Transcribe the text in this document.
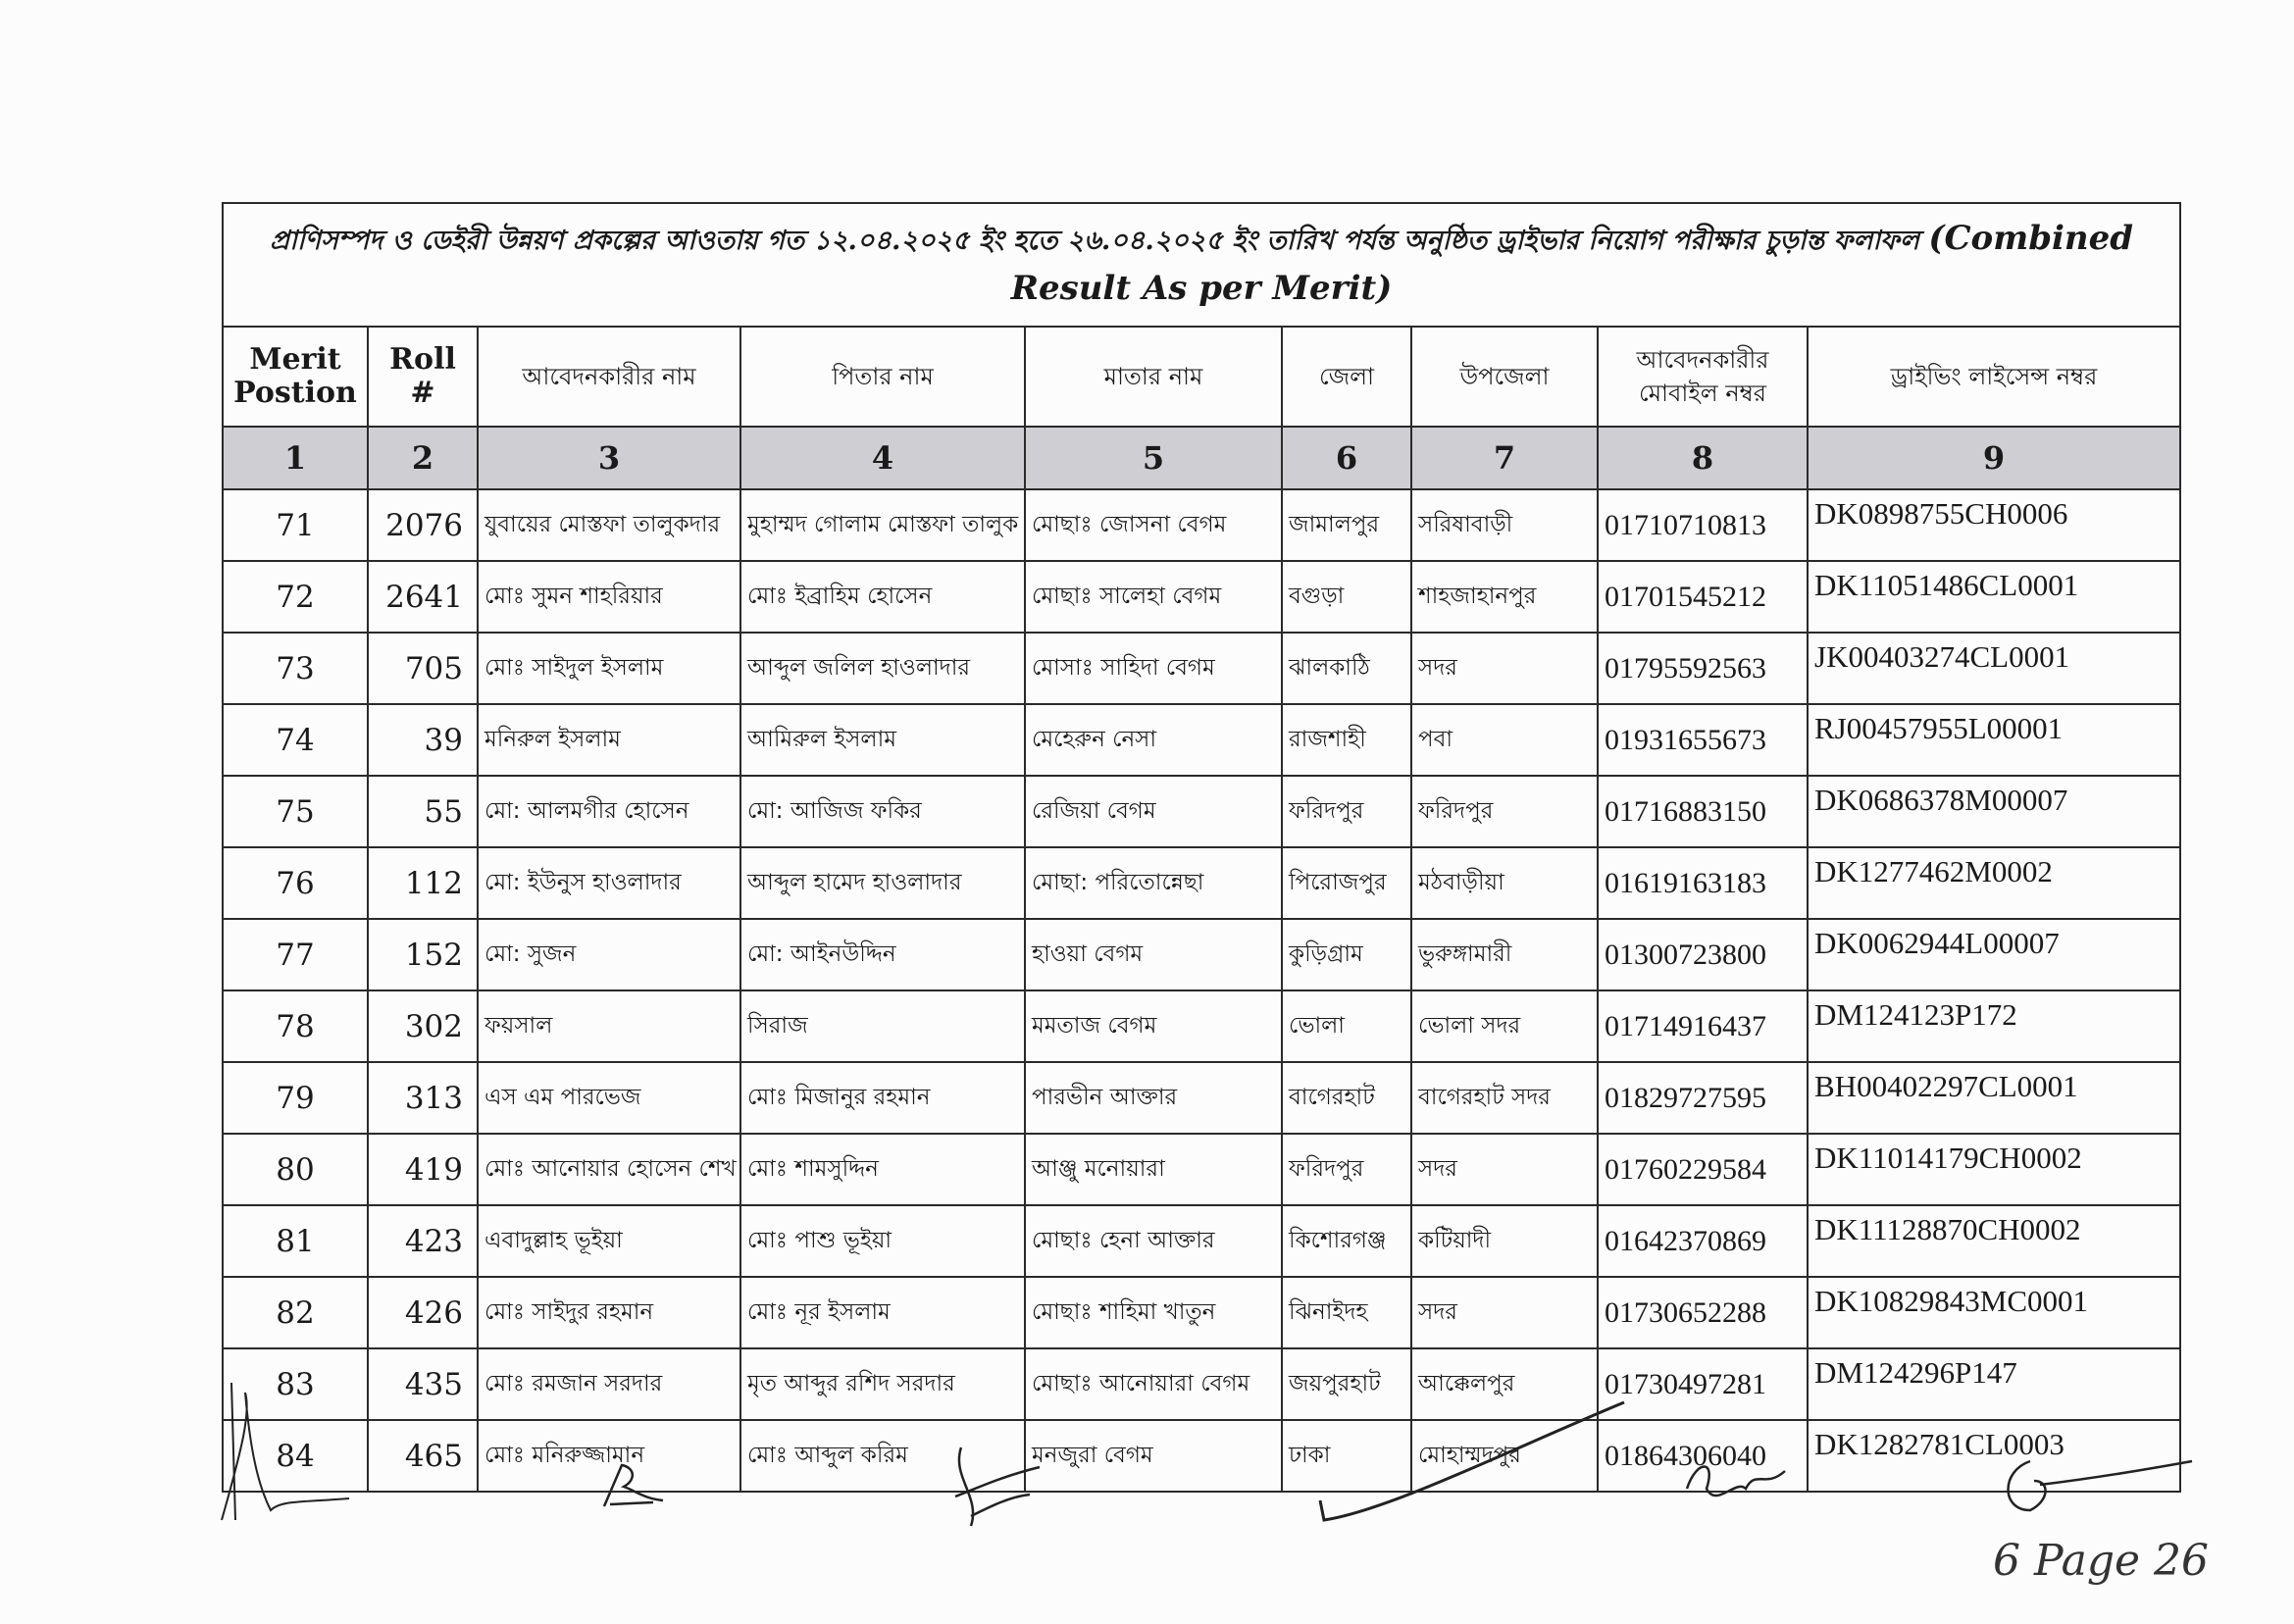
প্রাণিসম্পদ ও ডেইরী উন্নয়ণ প্রকল্পের আওতায় গত ১২.০৪.২০২৫ ইং হতে ২৬.০৪.২০২৫ ইং তারিখ পর্যন্ত অনুষ্ঠিত ড্রাইভার নিয়োগ পরীক্ষার চুড়ান্ত ফলাফল (Combined Result As per Merit)								
Merit Postion	Roll #	আবেদনকারীর নাম	পিতার নাম	মাতার নাম	জেলা	উপজেলা	আবেদনকারীর মোবাইল নম্বর	ড্রাইভিং লাইসেন্স নম্বর
1	2	3	4	5	6	7	8	9
71	2076	যুবায়ের মোস্তফা তালুকদার	মুহাম্মদ গোলাম মোস্তফা তালুক	মোছাঃ জোসনা বেগম	জামালপুর	সরিষাবাড়ী	01710710813	DK0898755CH0006
72	2641	মোঃ সুমন শাহরিয়ার	মোঃ ইব্রাহিম হোসেন	মোছাঃ সালেহা বেগম	বগুড়া	শাহজাহানপুর	01701545212	DK11051486CL0001
73	705	মোঃ সাইদুল ইসলাম	আব্দুল জলিল হাওলাদার	মোসাঃ সাহিদা বেগম	ঝালকাঠি	সদর	01795592563	JK00403274CL0001
74	39	মনিরুল ইসলাম	আমিরুল ইসলাম	মেহেরুন নেসা	রাজশাহী	পবা	01931655673	RJ00457955L00001
75	55	মো: আলমগীর হোসেন	মো: আজিজ ফকির	রেজিয়া বেগম	ফরিদপুর	ফরিদপুর	01716883150	DK0686378M00007
76	112	মো: ইউনুস হাওলাদার	আব্দুল হামেদ হাওলাদার	মোছা: পরিতোন্নেছা	পিরোজপুর	মঠবাড়ীয়া	01619163183	DK1277462M0002
77	152	মো: সুজন	মো: আইনউদ্দিন	হাওয়া বেগম	কুড়িগ্রাম	ভুরুঙ্গামারী	01300723800	DK0062944L00007
78	302	ফয়সাল	সিরাজ	মমতাজ বেগম	ভোলা	ভোলা সদর	01714916437	DM124123P172
79	313	এস এম পারভেজ	মোঃ মিজানুর রহমান	পারভীন আক্তার	বাগেরহাট	বাগেরহাট সদর	01829727595	BH00402297CL0001
80	419	মোঃ আনোয়ার হোসেন শেখ	মোঃ শামসুদ্দিন	আঞ্জু মনোয়ারা	ফরিদপুর	সদর	01760229584	DK11014179CH0002
81	423	এবাদুল্লাহ ভূইয়া	মোঃ পাশু ভূইয়া	মোছাঃ হেনা আক্তার	কিশোরগঞ্জ	কটিয়াদী	01642370869	DK11128870CH0002
82	426	মোঃ সাইদুর রহমান	মোঃ নূর ইসলাম	মোছাঃ শাহিমা খাতুন	ঝিনাইদহ	সদর	01730652288	DK10829843MC0001
83	435	মোঃ রমজান সরদার	মৃত আব্দুর রশিদ সরদার	মোছাঃ আনোয়ারা বেগম	জয়পুরহাট	আক্কেলপুর	01730497281	DM124296P147
84	465	মোঃ মনিরুজ্জামান	মোঃ আব্দুল করিম	মনজুরা বেগম	ঢাকা	মোহাম্মদপুর	01864306040	DK1282781CL0003
6 Page 26
